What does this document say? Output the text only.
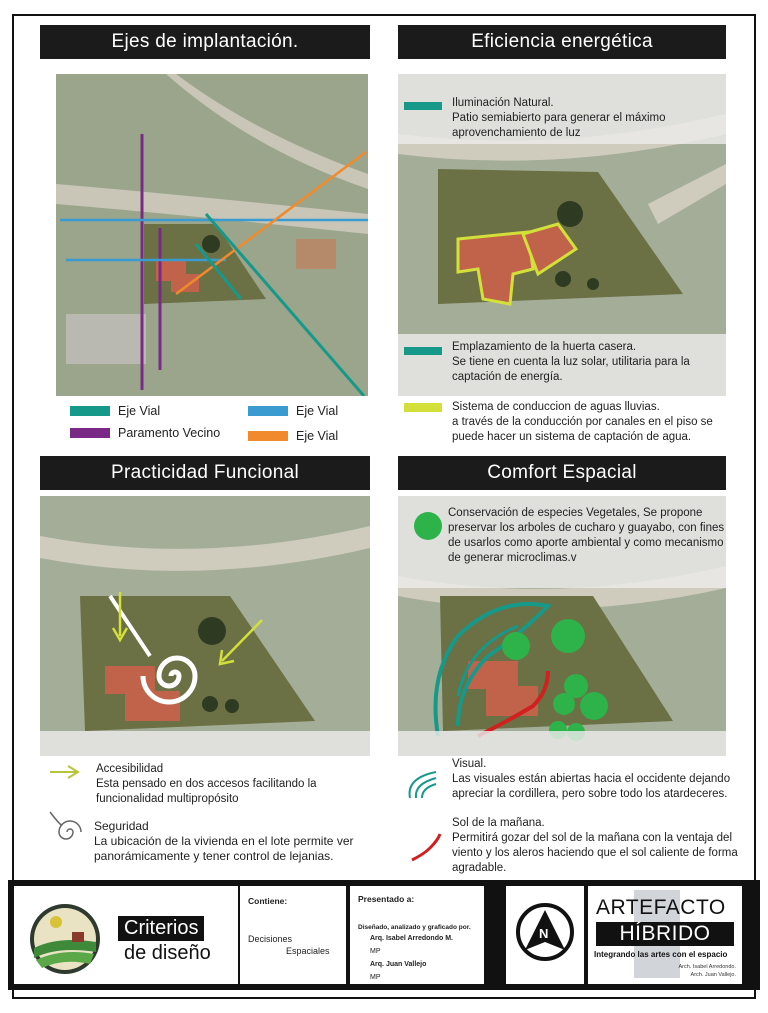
Ejes de implantación.
Eje Vial
Paramento Vecino
Eje Vial
Eje Vial
Eficiencia energética
Iluminación Natural.
Patio semiabierto para generar el máximo aprovenchamiento de luz
Emplazamiento de la huerta casera.
Se tiene en cuenta la luz solar, utilitaria para la captación de energía.
Sistema de conduccion de aguas lluvias.
a través de la conducción por canales en el piso se puede hacer un sistema de captación de agua.
Practicidad Funcional
Accesibilidad
Esta pensado en dos accesos facilitando la funcionalidad multipropósito
Seguridad
La ubicación de la vivienda en el lote permite ver panorámicamente y tener control de lejanias.
Comfort Espacial
Conservación de especies Vegetales, Se propone preservar los arboles de cucharo y guayabo, con fines de usarlos como aporte ambiental y como mecanismo de generar microclimas.v
Visual.
Las visuales están abiertas hacia el occidente dejando apreciar la cordillera, pero sobre todo los atardeceres.
Sol de la mañana.
Permitirá gozar del sol de la mañana con la ventaja del viento y los aleros haciendo que el sol caliente de forma agradable.
Criterios
de diseño
Contiene:
Decisiones
Espaciales
Presentado a:
Diseñado, analizado y graficado por.
Arq. Isabel Arredondo M.
MP
Arq. Juan Vallejo
MP
N
ARTEFACTO
HÍBRIDO
Integrando las artes con el espacio
Arch. Isabel Arredondo.
Arch. Juan Vallejo.
